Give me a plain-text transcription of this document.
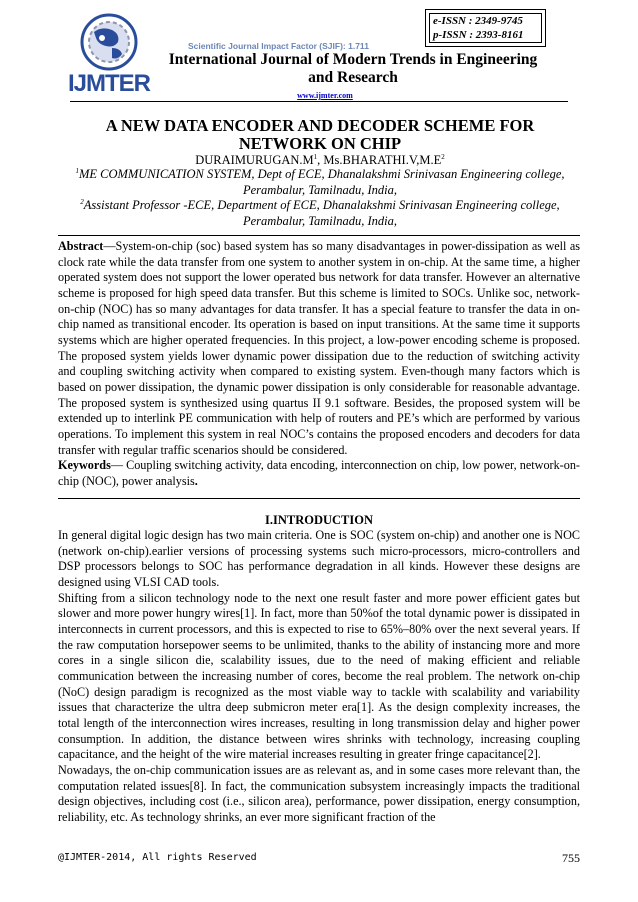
IJMTER
Scientific Journal Impact Factor (SJIF): 1.711
e-ISSN : 2349-9745
p-ISSN : 2393-8161
International Journal of Modern Trends in Engineering
and Research
www.ijmter.com
A NEW DATA ENCODER AND DECODER SCHEME FOR
NETWORK ON CHIP
$DURAIMURUGAN.M^1$, $Ms.BHARATHI.V,M.E^2$
$^1$ME COMMUNICATION SYSTEM, Dept of ECE, Dhanalakshmi Srinivasan Engineering college,
Perambalur, Tamilnadu, India,
$^2$Assistant Professor -ECE, Department of ECE, Dhanalakshmi Srinivasan Engineering college,
Perambalur, Tamilnadu, India,
Abstract—System-on-chip (soc) based system has so many disadvantages in power-dissipation as well as clock rate while the data transfer from one system to another system in on-chip. At the same time, a higher operated system does not support the lower operated bus network for data transfer. However an alternative scheme is proposed for high speed data transfer. But this scheme is limited to SOCs. Unlike soc, network-on-chip (NOC) has so many advantages for data transfer. It has a special feature to transfer the data in on-chip named as transitional encoder. Its operation is based on input transitions. At the same time it supports systems which are higher operated frequencies. In this project, a low-power encoding scheme is proposed. The proposed system yields lower dynamic power dissipation due to the reduction of switching activity and coupling switching activity when compared to existing system. Even-though many factors which is based on power dissipation, the dynamic power dissipation is only considerable for reasonable advantage. The proposed system is synthesized using quartus II 9.1 software. Besides, the proposed system will be extended up to interlink PE communication with help of routers and PE’s which are performed by various operations. To implement this system in real NOC’s contains the proposed encoders and decoders for data transfer with regular traffic scenarios should be considered.
Keywords— Coupling switching activity, data encoding, interconnection on chip, low power, network-on-chip (NOC), power analysis.
I.INTRODUCTION
In general digital logic design has two main criteria. One is SOC (system on-chip) and another one is NOC (network on-chip).earlier versions of processing systems such micro-processors, micro-controllers and DSP processors belongs to SOC has performance degradation in all kinds. However these designs are designed using VLSI CAD tools.
Shifting from a silicon technology node to the next one result faster and more power efficient gates but slower and more power hungry wires[1]. In fact, more than 50%of the total dynamic power is dissipated in interconnects in current processors, and this is expected to rise to 65%–80% over the next several years. If the raw computation horsepower seems to be unlimited, thanks to the ability of instancing more and more cores in a single silicon die, scalability issues, due to the need of making efficient and reliable communication between the increasing number of cores, become the real problem. The network on-chip (NoC) design paradigm is recognized as the most viable way to tackle with scalability and variability issues that characterize the ultra deep submicron meter era[1]. As the design complexity increases, the total length of the interconnection wires increases, resulting in long transmission delay and higher power consumption. In addition, the distance between wires shrinks with technology, increasing coupling capacitance, and the height of the wire material increases resulting in greater fringe capacitance[2].
Nowadays, the on-chip communication issues are as relevant as, and in some cases more relevant than, the computation related issues[8]. In fact, the communication subsystem increasingly impacts the traditional design objectives, including cost (i.e., silicon area), performance, power dissipation, energy consumption, reliability, etc. As technology shrinks, an ever more significant fraction of the
@IJMTER-2014, All rights Reserved	755
